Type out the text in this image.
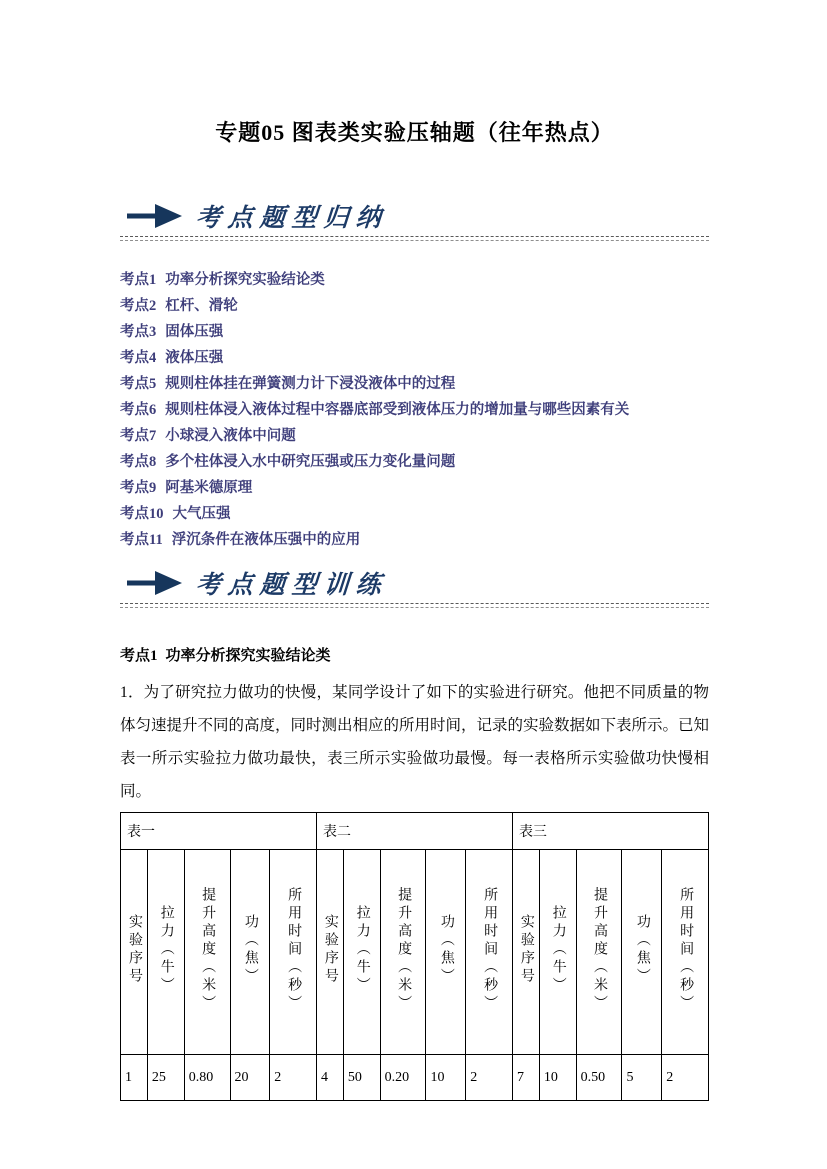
专题05 图表类实验压轴题（往年热点）
考点题型归纳
考点1 功率分析探究实验结论类
考点2 杠杆、滑轮
考点3 固体压强
考点4 液体压强
考点5 规则柱体挂在弹簧测力计下浸没液体中的过程
考点6 规则柱体浸入液体过程中容器底部受到液体压力的增加量与哪些因素有关
考点7 小球浸入液体中问题
考点8 多个柱体浸入水中研究压强或压力变化量问题
考点9 阿基米德原理
考点10 大气压强
考点11 浮沉条件在液体压强中的应用
考点题型训练
考点1 功率分析探究实验结论类

1．为了研究拉力做功的快慢，某同学设计了如下的实验进行研究。他把不同质量的物体匀速提升不同的高度，同时测出相应的所用时间，记录的实验数据如下表所示。已知表一所示实验拉力做功最快，表三所示实验做功最慢。每一表格所示实验做功快慢相同。

表一					表二					表三				
实验序号	拉力（牛）	提升高度（米）	功（焦）	所用时间（秒）	实验序号	拉力（牛）	提升高度（米）	功（焦）	所用时间（秒）	实验序号	拉力（牛）	提升高度（米）	功（焦）	所用时间（秒）
1	25	0.80	20	2	4	50	0.20	10	2	7	10	0.50	5	2
